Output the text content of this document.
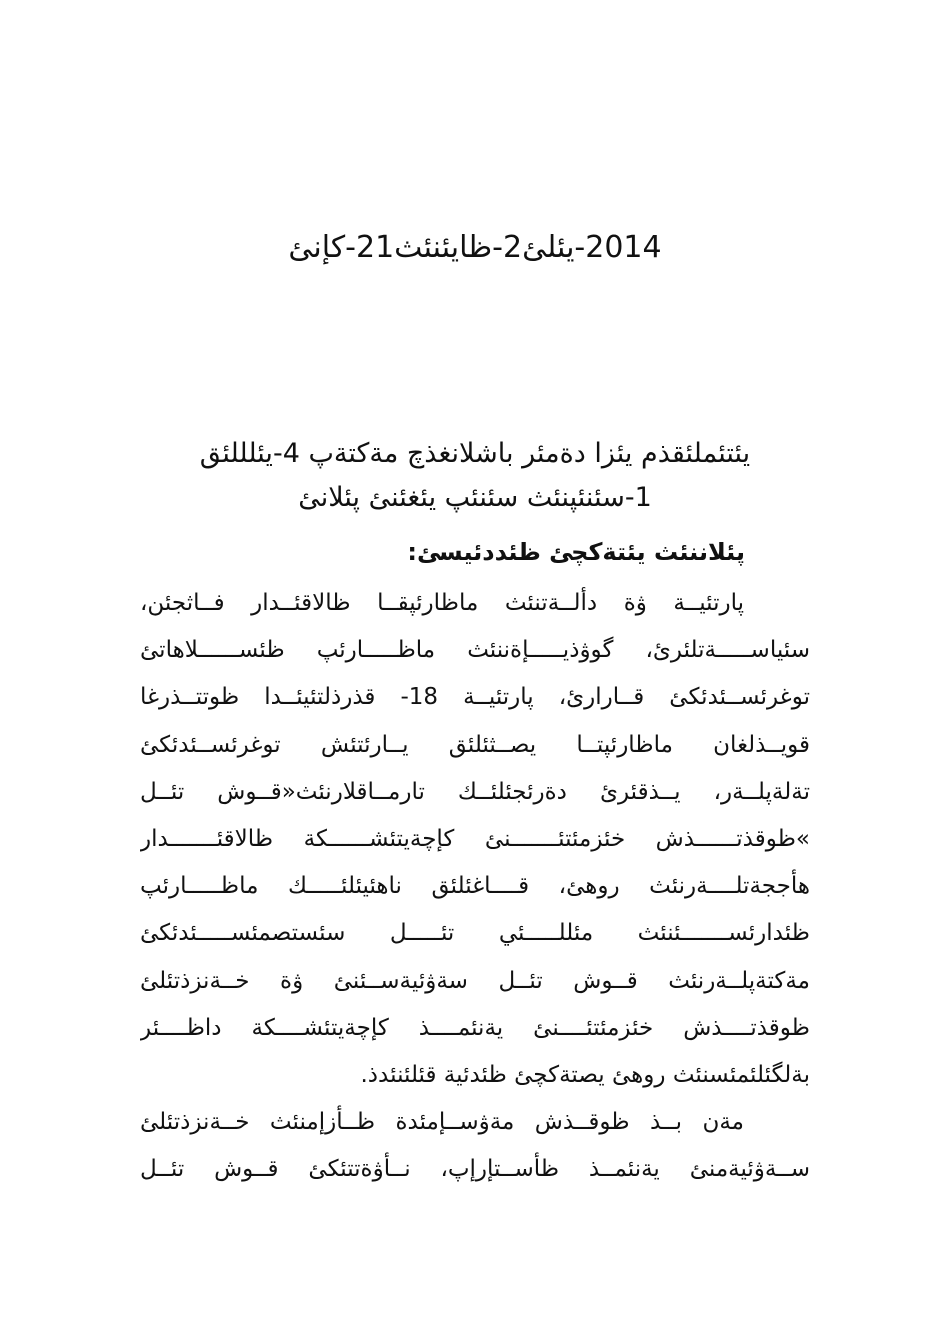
2014-يئلئ2-ظايئنئث21-كإنئ
يئتئملئقذم يئزا دةمئر باشلانغذچ مةكتةپ 4-يئلللئق
1-سئنئپنئث سئنئپ يئغئنئ پئلانئ
پئلاننئث يئتةكچئ ظئددئيسئ:
پارتئيــة ۋة دألــةتنئث ماظارئپقــا ظالاقئــدار فــاثجئن،
سئياســـــةتلئرئ، گوۋذيـــــإةننئث ماظـــــارئپ ظئســــــلاهاتئ
توغرئســئدئكئ قــارارئ، پارتئيــة 18- قذرذلتئيئــدا ظوتتــذرغا
قويــذلغان ماظارئپتــا يصــثئلئق يــارئتئش توغرئســئدئكئ
تةلةپلــةر، يــذقئرئ دةرئجئلئــك تارمــاقلارنئث«قــوش تئــل
»ظوقذتــــــذش خئزمئتئـــــــنئ كإچةيتئشــــــكة ظالاقئـــــــدار
هأججةتلــــةرنئث روهئ، قــــاغئلئق ناهئيئلئـــــك ماظـــــارئپ
ظئدارئســـــــئنئث مئللـــــئي تئـــــل سئستصمئســـــئدئكئ
مةكتةپلــةرنئث قــوش تئــل سةۋئيةســئنئ ۋة خــةنزذتئلئ
ظوقذتــــذش خئزمئتئــــنئ يةنئمــــذ كإچةيتئشــــكة داظــــئر
بةلگئلئمئسنئث روهئ يصتةكچئ ظئدئية قئلئنئدذ.
مةن بــذ ظوقــذش مةۋســإمئدة ظــأزإمنئث خــةنزذتئلئ
ســةۋئيةمنئ يةنئمــذ ظأســتإرإپ، نــأۋةتتئكئ قــوش تئــل
